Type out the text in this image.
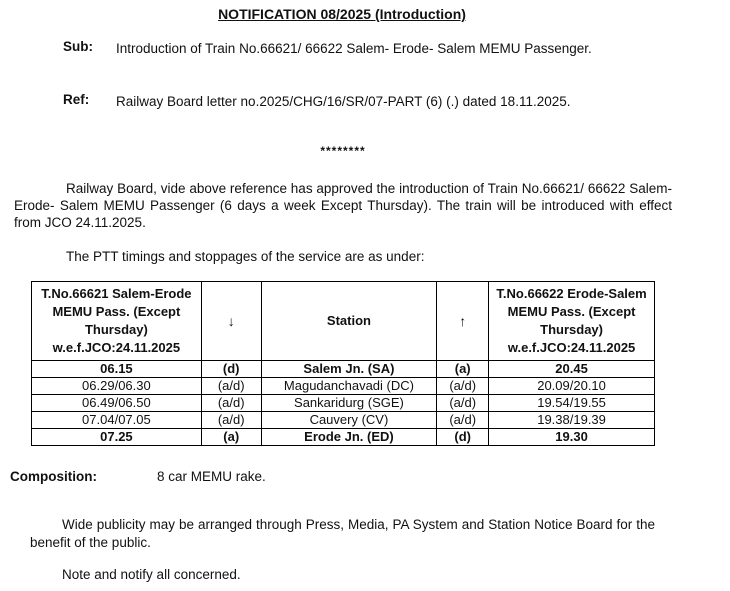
NOTIFICATION 08/2025 (Introduction)
Sub: Introduction of Train No.66621/ 66622 Salem- Erode- Salem MEMU Passenger.
Ref: Railway Board letter no.2025/CHG/16/SR/07-PART (6) (.) dated 18.11.2025.
********
Railway Board, vide above reference has approved the introduction of Train No.66621/ 66622 Salem- Erode- Salem MEMU Passenger (6 days a week Except Thursday). The train will be introduced with effect from JCO 24.11.2025.
The PTT timings and stoppages of the service are as under:
T.No.66621 Salem-Erode MEMU Pass. (Except Thursday) w.e.f.JCO:24.11.2025	↓	Station	↑	T.No.66622 Erode-Salem MEMU Pass. (Except Thursday) w.e.f.JCO:24.11.2025
06.15	(d)	Salem Jn. (SA)	(a)	20.45
06.29/06.30	(a/d)	Magudanchavadi (DC)	(a/d)	20.09/20.10
06.49/06.50	(a/d)	Sankaridurg (SGE)	(a/d)	19.54/19.55
07.04/07.05	(a/d)	Cauvery (CV)	(a/d)	19.38/19.39
07.25	(a)	Erode Jn. (ED)	(d)	19.30
Composition:	8 car MEMU rake.
Wide publicity may be arranged through Press, Media, PA System and Station Notice Board for the benefit of the public.
Note and notify all concerned.
